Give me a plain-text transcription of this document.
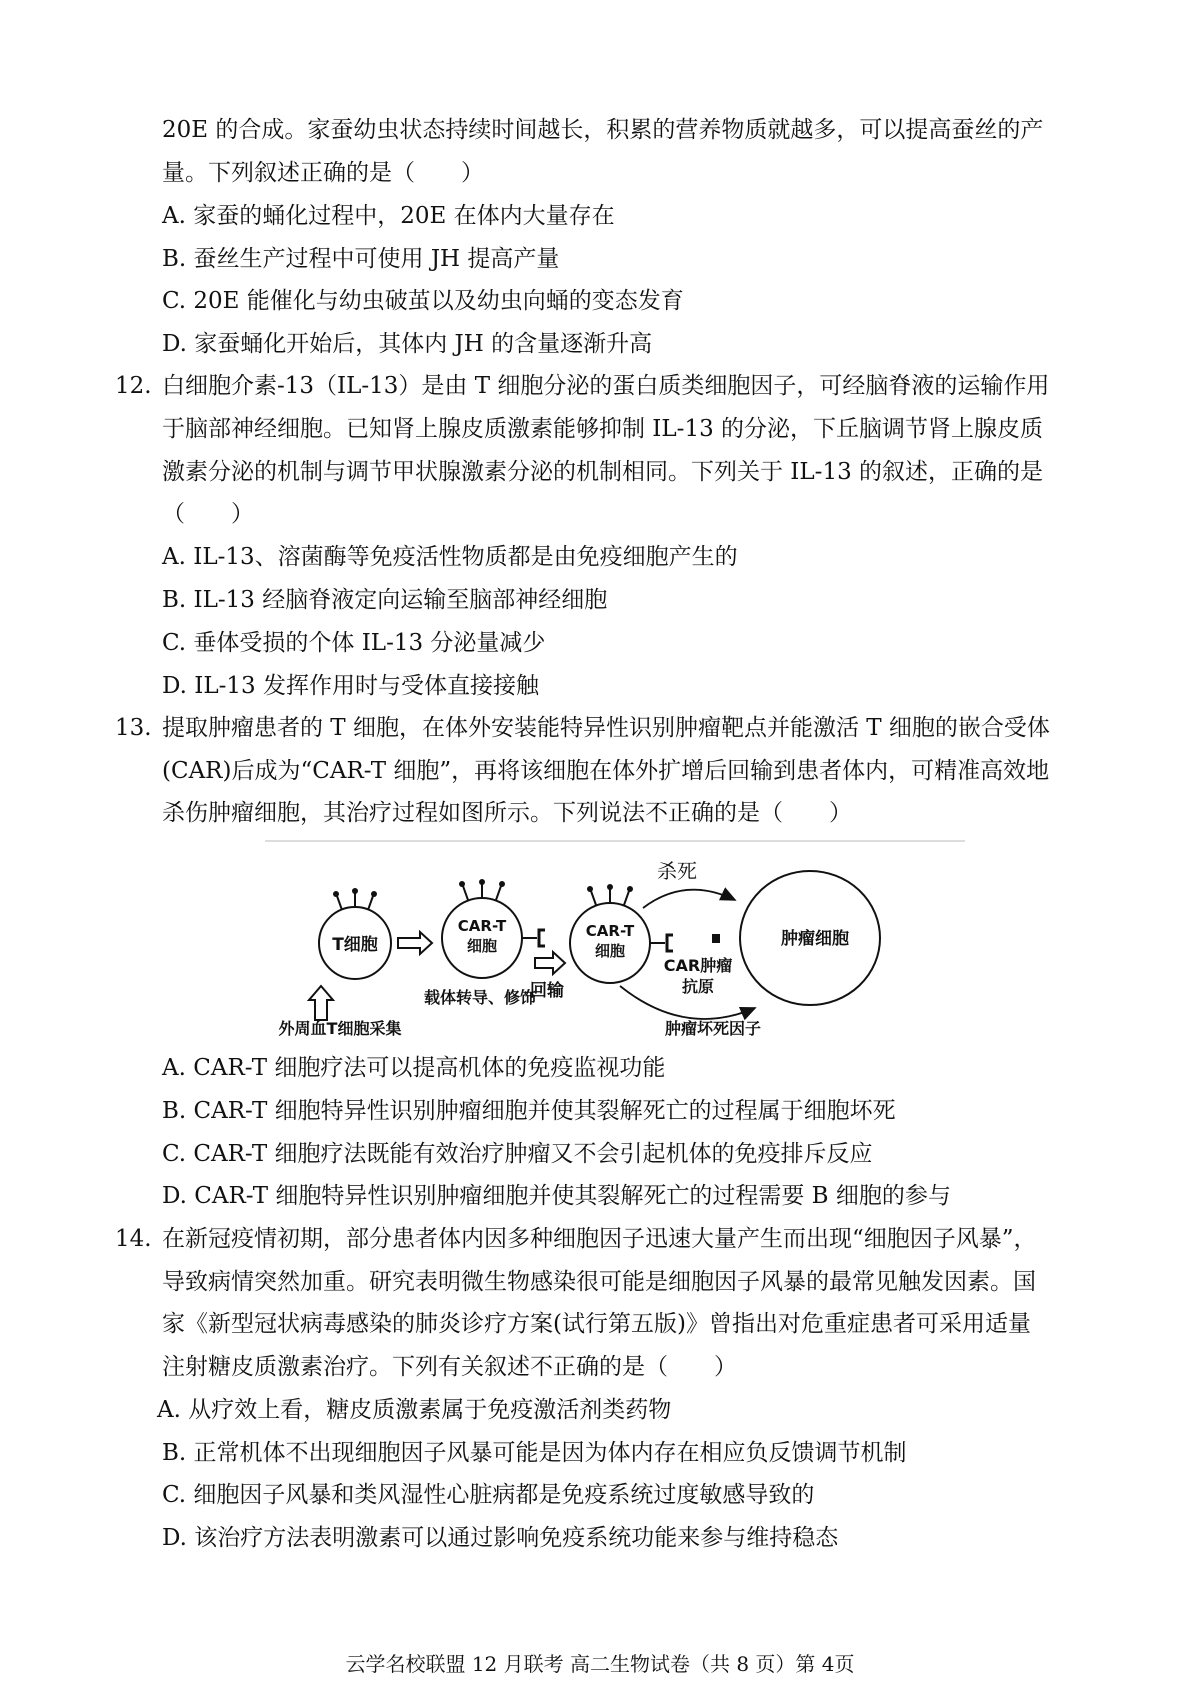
20E 的合成。家蚕幼虫状态持续时间越长，积累的营养物质就越多，可以提高蚕丝的产
量。下列叙述正确的是（　　）
A. 家蚕的蛹化过程中，20E 在体内大量存在
B. 蚕丝生产过程中可使用 JH 提高产量
C. 20E 能催化与幼虫破茧以及幼虫向蛹的变态发育
D. 家蚕蛹化开始后，其体内 JH 的含量逐渐升高
12. 白细胞介素-13（IL-13）是由 T 细胞分泌的蛋白质类细胞因子，可经脑脊液的运输作用
于脑部神经细胞。已知肾上腺皮质激素能够抑制 IL-13 的分泌，下丘脑调节肾上腺皮质
激素分泌的机制与调节甲状腺激素分泌的机制相同。下列关于 IL-13 的叙述，正确的是
（　　）
A. IL-13、溶菌酶等免疫活性物质都是由免疫细胞产生的
B. IL-13 经脑脊液定向运输至脑部神经细胞
C. 垂体受损的个体 IL-13 分泌量减少
D. IL-13 发挥作用时与受体直接接触
13. 提取肿瘤患者的 T 细胞，在体外安装能特异性识别肿瘤靶点并能激活 T 细胞的嵌合受体
(CAR)后成为“CAR-T 细胞”，再将该细胞在体外扩增后回输到患者体内，可精准高效地
杀伤肿瘤细胞，其治疗过程如图所示。下列说法不正确的是（　　）
T细胞
CAR-T
细胞
回输
外周血T细胞采集
载体转导、修饰
CAR-T
细胞
肿瘤细胞
杀死
CAR肿瘤
抗原
肿瘤坏死因子
A. CAR-T 细胞疗法可以提高机体的免疫监视功能
B. CAR-T 细胞特异性识别肿瘤细胞并使其裂解死亡的过程属于细胞坏死
C. CAR-T 细胞疗法既能有效治疗肿瘤又不会引起机体的免疫排斥反应
D. CAR-T 细胞特异性识别肿瘤细胞并使其裂解死亡的过程需要 B 细胞的参与
14. 在新冠疫情初期，部分患者体内因多种细胞因子迅速大量产生而出现“细胞因子风暴”，
导致病情突然加重。研究表明微生物感染很可能是细胞因子风暴的最常见触发因素。国
家《新型冠状病毒感染的肺炎诊疗方案(试行第五版)》曾指出对危重症患者可采用适量
注射糖皮质激素治疗。下列有关叙述不正确的是（　　）
A. 从疗效上看，糖皮质激素属于免疫激活剂类药物
B. 正常机体不出现细胞因子风暴可能是因为体内存在相应负反馈调节机制
C. 细胞因子风暴和类风湿性心脏病都是免疫系统过度敏感导致的
D. 该治疗方法表明激素可以通过影响免疫系统功能来参与维持稳态
云学名校联盟 12 月联考 高二生物试卷（共 8 页）第 4页
